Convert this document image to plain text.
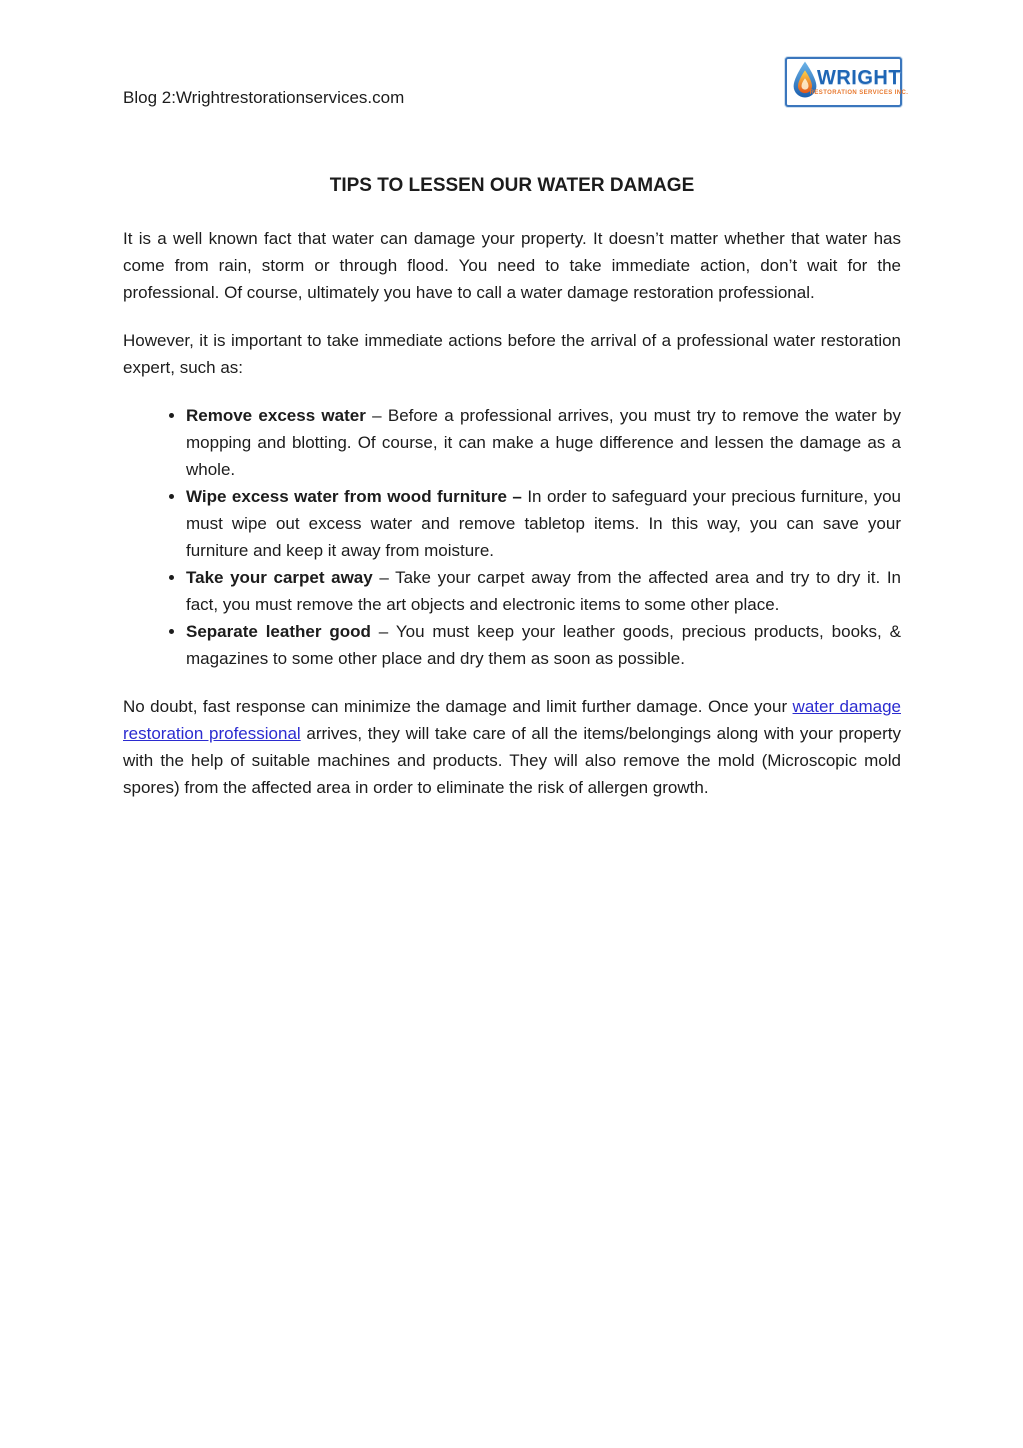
Blog 2:Wrightrestorationservices.com
WRIGHT
RESTORATION SERVICES INC.
TIPS TO LESSEN OUR WATER DAMAGE

It is a well known fact that water can damage your property. It doesn’t matter whether that water has come from rain, storm or through flood. You need to take immediate action, don’t wait for the professional. Of course, ultimately you have to call a water damage restoration professional.

However, it is important to take immediate actions before the arrival of a professional water restoration expert, such as:

• Remove excess water – Before a professional arrives, you must try to remove the water by mopping and blotting. Of course, it can make a huge difference and lessen the damage as a whole.
• Wipe excess water from wood furniture – In order to safeguard your precious furniture, you must wipe out excess water and remove tabletop items. In this way, you can save your furniture and keep it away from moisture.
• Take your carpet away – Take your carpet away from the affected area and try to dry it. In fact, you must remove the art objects and electronic items to some other place.
• Separate leather good – You must keep your leather goods, precious products, books, & magazines to some other place and dry them as soon as possible.

No doubt, fast response can minimize the damage and limit further damage. Once your water damage restoration professional arrives, they will take care of all the items/belongings along with your property with the help of suitable machines and products. They will also remove the mold (Microscopic mold spores) from the affected area in order to eliminate the risk of allergen growth.
